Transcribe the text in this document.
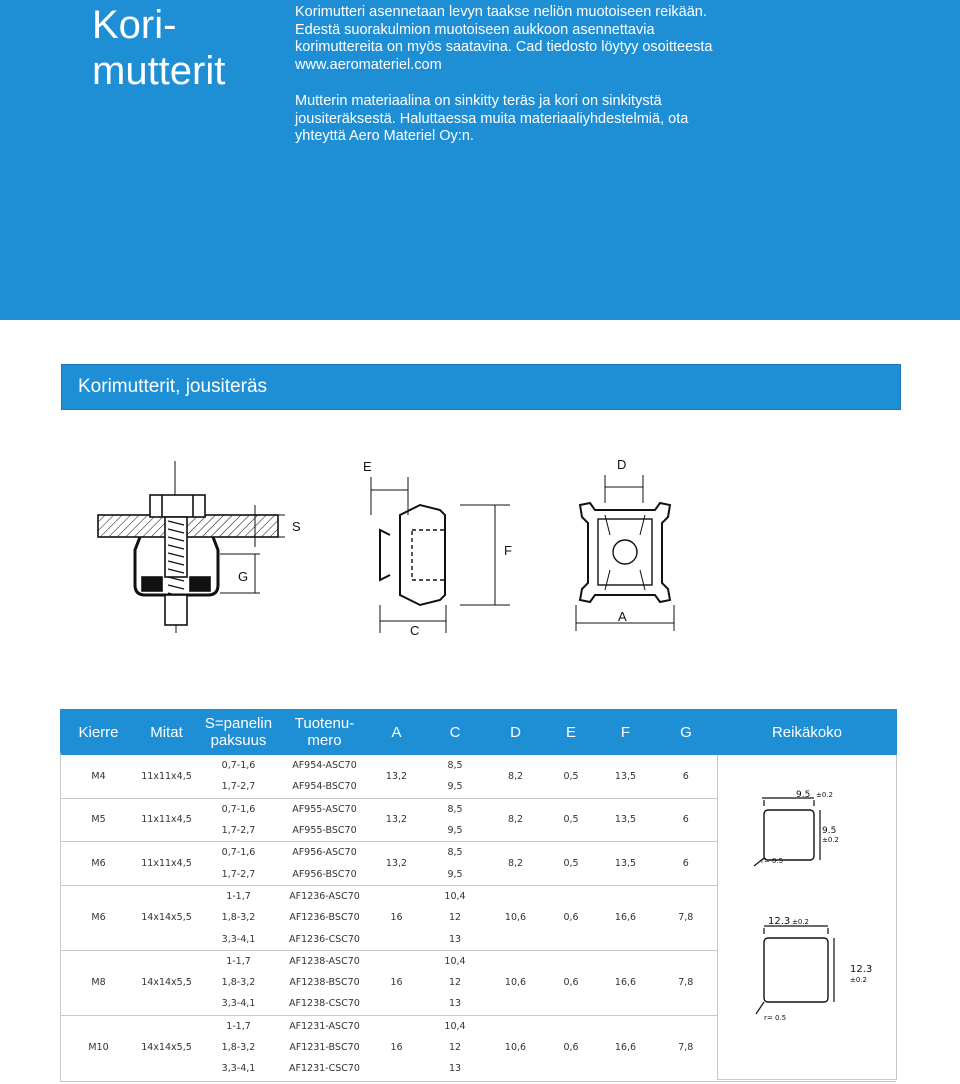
Kori-
mutterit

Korimutteri asennetaan levyn taakse neliön muotoiseen reikään. Edestä suorakulmion muotoiseen aukkoon asennettavia korimuttereita on myös saatavina. Cad tiedosto löytyy osoitteesta www.aeromateriel.com

Mutterin materiaalina on sinkitty teräs ja kori on sinkitystä jousiteräksestä. Haluttaessa muita materiaaliyhdestelmiä, ota yhteyttä Aero Materiel Oy:n.

Korimutterit, jousiteräs
S
G
E
F
C
D
A
Kierre	Mitat	S=panelin paksuus	Tuotenu-mero	A	C	D	E	F	G	Reikäkoko
M4	11x11x4,5	0,7-1,6	AF954-ASC70	13,2	8,5	8,2	0,5	13,5	6	
		1,7-2,7	AF954-BSC70		9,5					
M5	11x11x4,5	0,7-1,6	AF955-ASC70	13,2	8,5	8,2	0,5	13,5	6	
		1,7-2,7	AF955-BSC70		9,5					
M6	11x11x4,5	0,7-1,6	AF956-ASC70	13,2	8,5	8,2	0,5	13,5	6	
		1,7-2,7	AF956-BSC70		9,5					
M6	14x14x5,5	1-1,7	AF1236-ASC70	16	10,4	10,6	0,6	16,6	7,8	
		1,8-3,2	AF1236-BSC70		12					
		3,3-4,1	AF1236-CSC70		13					
M8	14x14x5,5	1-1,7	AF1238-ASC70	16	10,4	10,6	0,6	16,6	7,8	
		1,8-3,2	AF1238-BSC70		12					
		3,3-4,1	AF1238-CSC70		13					
M10	14x14x5,5	1-1,7	AF1231-ASC70	16	10,4	10,6	0,6	16,6	7,8	
		1,8-3,2	AF1231-BSC70		12					
		3,3-4,1	AF1231-CSC70		13					
9.5 ±0.2
9.5
±0.2
r= 0.5
12.3 ±0.2
12.3
±0.2
r= 0.5
